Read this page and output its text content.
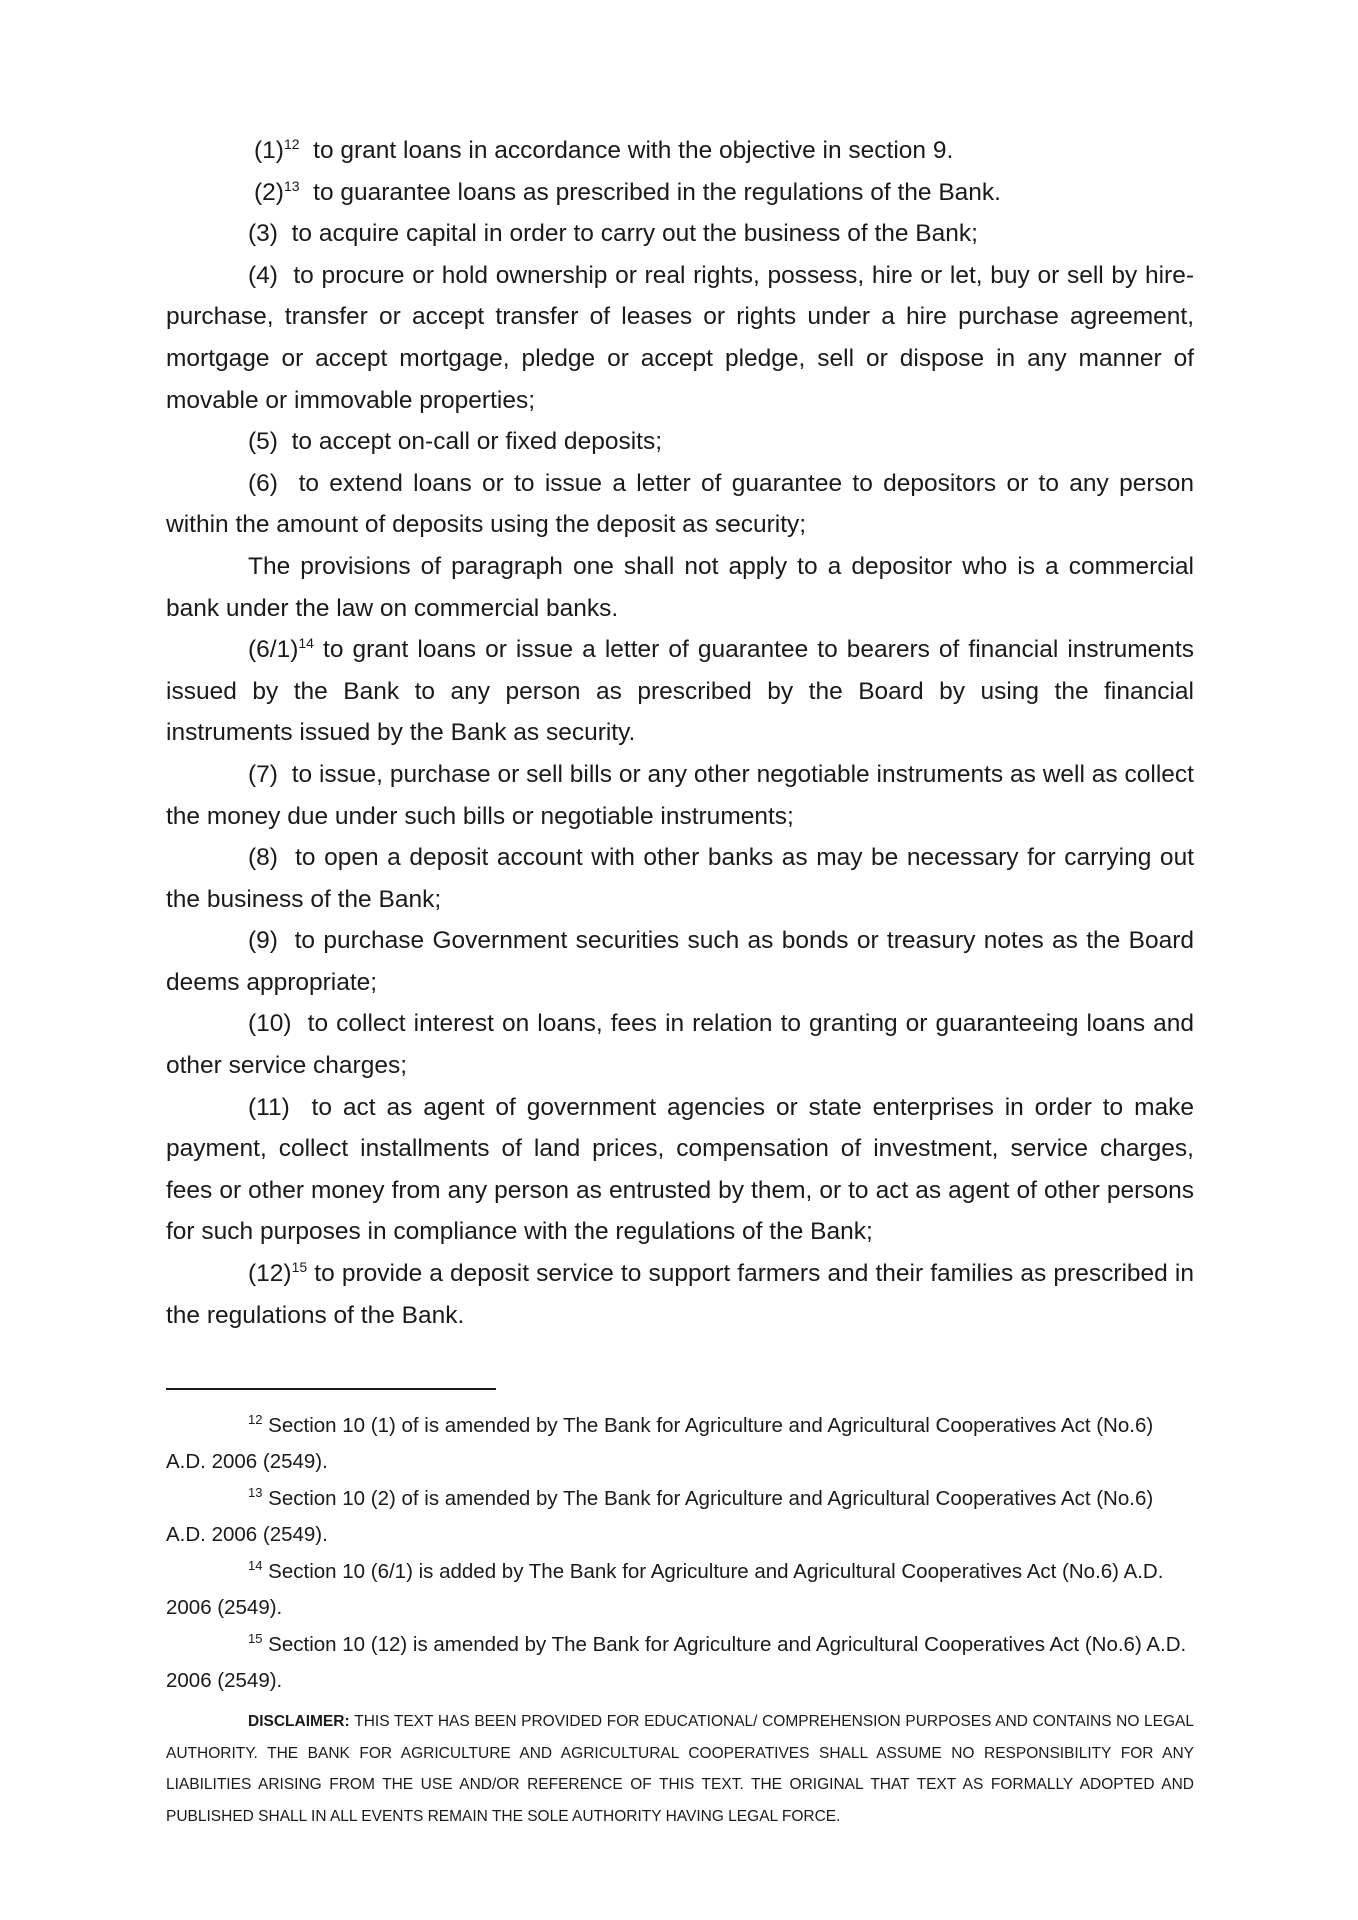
(1)$^{12}$ to grant loans in accordance with the objective in section 9.

(2)$^{13}$ to guarantee loans as prescribed in the regulations of the Bank.

(3) to acquire capital in order to carry out the business of the Bank;

(4) to procure or hold ownership or real rights, possess, hire or let, buy or sell by hire-purchase, transfer or accept transfer of leases or rights under a hire purchase agreement, mortgage or accept mortgage, pledge or accept pledge, sell or dispose in any manner of movable or immovable properties;

(5) to accept on-call or fixed deposits;

(6) to extend loans or to issue a letter of guarantee to depositors or to any person within the amount of deposits using the deposit as security;

The provisions of paragraph one shall not apply to a depositor who is a commercial bank under the law on commercial banks.

(6/1)$^{14}$ to grant loans or issue a letter of guarantee to bearers of financial instruments issued by the Bank to any person as prescribed by the Board by using the financial instruments issued by the Bank as security.

(7) to issue, purchase or sell bills or any other negotiable instruments as well as collect the money due under such bills or negotiable instruments;

(8) to open a deposit account with other banks as may be necessary for carrying out the business of the Bank;

(9) to purchase Government securities such as bonds or treasury notes as the Board deems appropriate;

(10) to collect interest on loans, fees in relation to granting or guaranteeing loans and other service charges;

(11) to act as agent of government agencies or state enterprises in order to make payment, collect installments of land prices, compensation of investment, service charges, fees or other money from any person as entrusted by them, or to act as agent of other persons for such purposes in compliance with the regulations of the Bank;

(12)$^{15}$ to provide a deposit service to support farmers and their families as prescribed in the regulations of the Bank.

$^{12}$ Section 10 (1) of is amended by The Bank for Agriculture and Agricultural Cooperatives Act (No.6) A.D. 2006 (2549).

$^{13}$ Section 10 (2) of is amended by The Bank for Agriculture and Agricultural Cooperatives Act (No.6) A.D. 2006 (2549).

$^{14}$ Section 10 (6/1) is added by The Bank for Agriculture and Agricultural Cooperatives Act (No.6) A.D. 2006 (2549).

$^{15}$ Section 10 (12) is amended by The Bank for Agriculture and Agricultural Cooperatives Act (No.6) A.D. 2006 (2549).

DISCLAIMER: THIS TEXT HAS BEEN PROVIDED FOR EDUCATIONAL/ COMPREHENSION PURPOSES AND CONTAINS NO LEGAL AUTHORITY. THE BANK FOR AGRICULTURE AND AGRICULTURAL COOPERATIVES SHALL ASSUME NO RESPONSIBILITY FOR ANY LIABILITIES ARISING FROM THE USE AND/OR REFERENCE OF THIS TEXT. THE ORIGINAL THAT TEXT AS FORMALLY ADOPTED AND PUBLISHED SHALL IN ALL EVENTS REMAIN THE SOLE AUTHORITY HAVING LEGAL FORCE.
